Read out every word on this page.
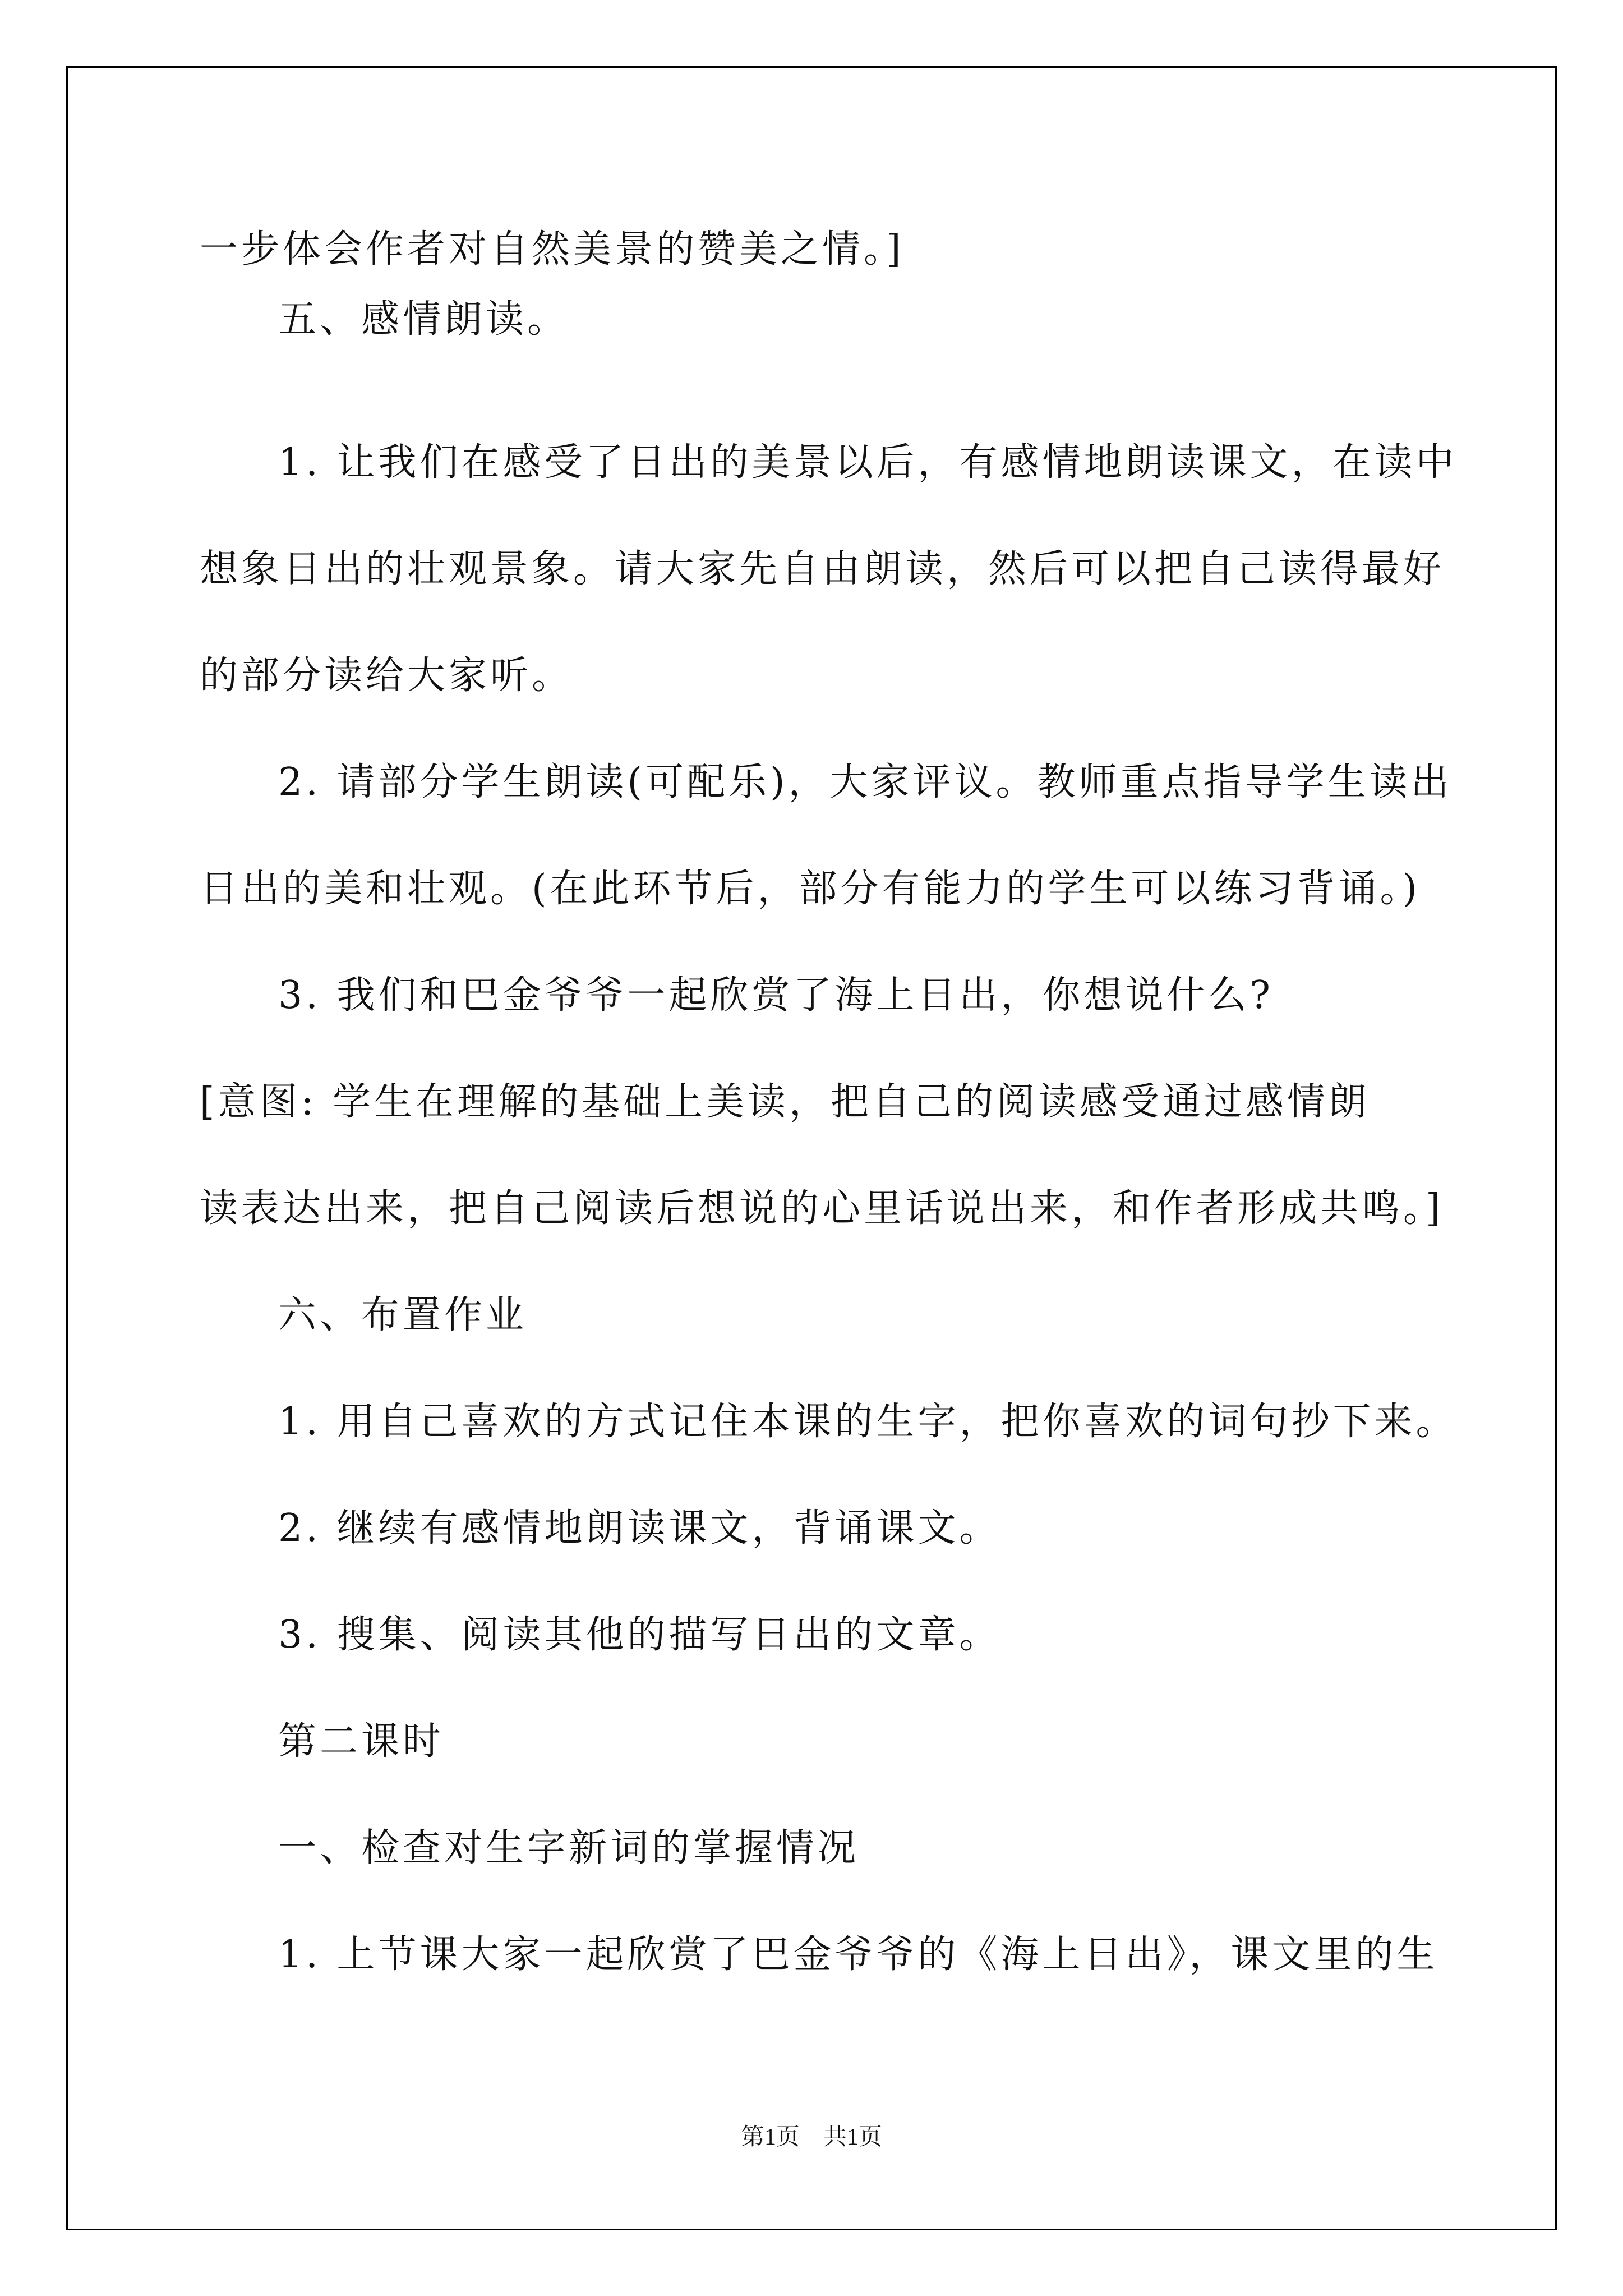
一步体会作者对自然美景的赞美之情。]
五、感情朗读。
1. 让我们在感受了日出的美景以后，有感情地朗读课文，在读中
想象日出的壮观景象。请大家先自由朗读，然后可以把自己读得最好
的部分读给大家听。
2. 请部分学生朗读(可配乐)，大家评议。教师重点指导学生读出
日出的美和壮观。(在此环节后，部分有能力的学生可以练习背诵。)
3. 我们和巴金爷爷一起欣赏了海上日出，你想说什么?
[意图: 学生在理解的基础上美读，把自己的阅读感受通过感情朗
读表达出来，把自己阅读后想说的心里话说出来，和作者形成共鸣。]
六、布置作业
1. 用自己喜欢的方式记住本课的生字，把你喜欢的词句抄下来。
2. 继续有感情地朗读课文，背诵课文。
3. 搜集、阅读其他的描写日出的文章。
第二课时
一、检查对生字新词的掌握情况
1. 上节课大家一起欣赏了巴金爷爷的《海上日出》，课文里的生
第1页　共1页
